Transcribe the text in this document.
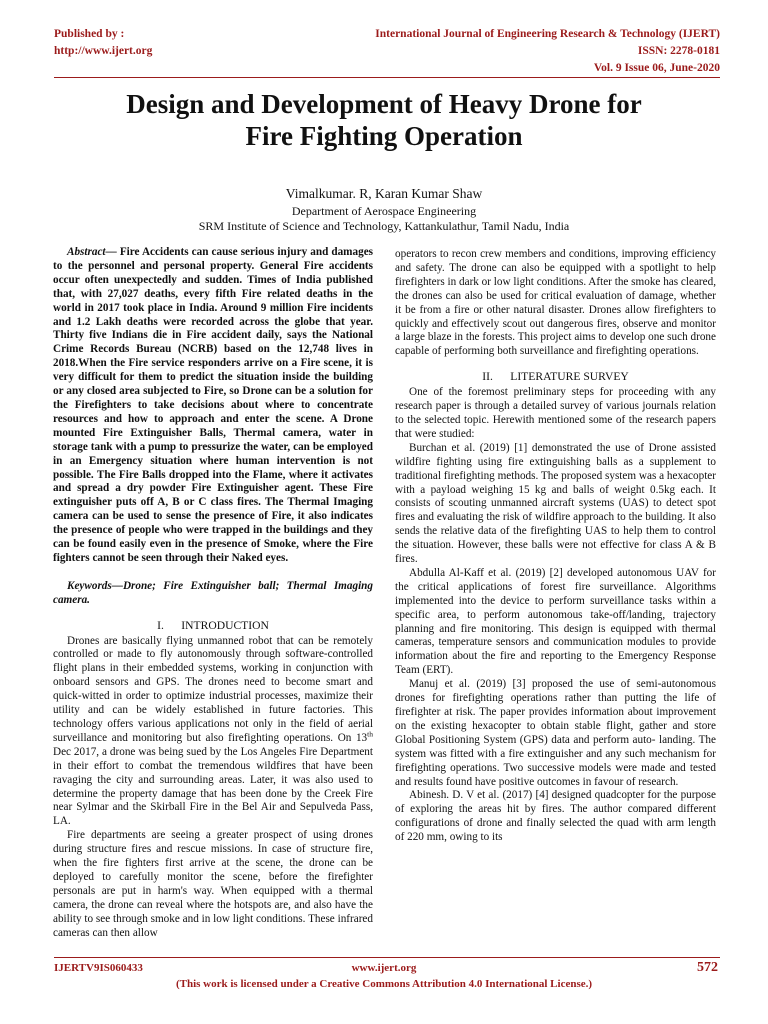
Published by :
http://www.ijert.org
International Journal of Engineering Research & Technology (IJERT)
ISSN: 2278-0181
Vol. 9 Issue 06, June-2020
Design and Development of Heavy Drone for
Fire Fighting Operation
Vimalkumar. R, Karan Kumar Shaw
Department of Aerospace Engineering
SRM Institute of Science and Technology, Kattankulathur, Tamil Nadu, India

Abstract— Fire Accidents can cause serious injury and damages to the personnel and personal property. General Fire accidents occur often unexpectedly and sudden. Times of India published that, with 27,027 deaths, every fifth Fire related deaths in the world in 2017 took place in India. Around 9 million Fire incidents and 1.2 Lakh deaths were recorded across the globe that year. Thirty five Indians die in Fire accident daily, says the National Crime Records Bureau (NCRB) based on the 12,748 lives in 2018.When the Fire service responders arrive on a Fire scene, it is very difficult for them to predict the situation inside the building or any closed area subjected to Fire, so Drone can be a solution for the Firefighters to take decisions about where to concentrate resources and how to approach and enter the scene. A Drone mounted Fire Extinguisher Balls, Thermal camera, water in storage tank with a pump to pressurize the water, can be employed in an Emergency situation where human intervention is not possible. The Fire Balls dropped into the Flame, where it activates and spread a dry powder Fire Extinguisher agent. These Fire extinguisher puts off A, B or C class fires. The Thermal Imaging camera can be used to sense the presence of Fire, it also indicates the presence of people who were trapped in the buildings and they can be found easily even in the presence of Smoke, where the Fire fighters cannot be seen through their Naked eyes.

Keywords—Drone; Fire Extinguisher ball; Thermal Imaging camera.

I. INTRODUCTION

Drones are basically flying unmanned robot that can be remotely controlled or made to fly autonomously through software-controlled flight plans in their embedded systems, working in conjunction with onboard sensors and GPS. The drones need to become smart and quick-witted in order to optimize industrial processes, maximize their utility and can be widely established in future factories. This technology offers various applications not only in the field of aerial surveillance and monitoring but also firefighting operations. On 13th Dec 2017, a drone was being sued by the Los Angeles Fire Department in their effort to combat the tremendous wildfires that have been ravaging the city and surrounding areas. Later, it was also used to determine the property damage that has been done by the Creek Fire near Sylmar and the Skirball Fire in the Bel Air and Sepulveda Pass, LA.

Fire departments are seeing a greater prospect of using drones during structure fires and rescue missions. In case of structure fire, when the fire fighters first arrive at the scene, the drone can be deployed to carefully monitor the scene, before the firefighter personals are put in harm's way. When equipped with a thermal camera, the drone can reveal where the hotspots are, and also have the ability to see through smoke and in low light conditions. These infrared cameras can then allow

operators to recon crew members and conditions, improving efficiency and safety. The drone can also be equipped with a spotlight to help firefighters in dark or low light conditions. After the smoke has cleared, the drones can also be used for critical evaluation of damage, whether it be from a fire or other natural disaster. Drones allow firefighters to quickly and effectively scout out dangerous fires, observe and monitor a large blaze in the forests. This project aims to develop one such drone capable of performing both surveillance and firefighting operations.

II. LITERATURE SURVEY

One of the foremost preliminary steps for proceeding with any research paper is through a detailed survey of various journals relation to the selected topic. Herewith mentioned some of the research papers that were studied:

Burchan et al. (2019) [1] demonstrated the use of Drone assisted wildfire fighting using fire extinguishing balls as a supplement to traditional firefighting methods. The proposed system was a hexacopter with a payload weighing 15 kg and balls of weight 0.5kg each. It consists of scouting unmanned aircraft systems (UAS) to detect spot fires and evaluating the risk of wildfire approach to the building. It also sends the relative data of the firefighting UAS to help them to control the situation. However, these balls were not effective for class A & B fires.

Abdulla Al-Kaff et al. (2019) [2] developed autonomous UAV for the critical applications of forest fire surveillance. Algorithms implemented into the device to perform surveillance tasks within a specific area, to perform autonomous take-off/landing, trajectory planning and fire monitoring. This design is equipped with thermal cameras, temperature sensors and communication modules to provide information about the fire and reporting to the Emergency Response Team (ERT).

Manuj et al. (2019) [3] proposed the use of semi-autonomous drones for firefighting operations rather than putting the life of firefighter at risk. The paper provides information about improvement on the existing hexacopter to obtain stable flight, gather and store Global Positioning System (GPS) data and perform auto- landing. The system was fitted with a fire extinguisher and any such mechanism for firefighting operations. Two successive models were made and tested and results found have positive outcomes in favour of research.

Abinesh. D. V et al. (2017) [4] designed quadcopter for the purpose of exploring the areas hit by fires. The author compared different configurations of drone and finally selected the quad with arm length of 220 mm, owing to its

IJERTV9IS060433	www.ijert.org	572
(This work is licensed under a Creative Commons Attribution 4.0 International License.)
